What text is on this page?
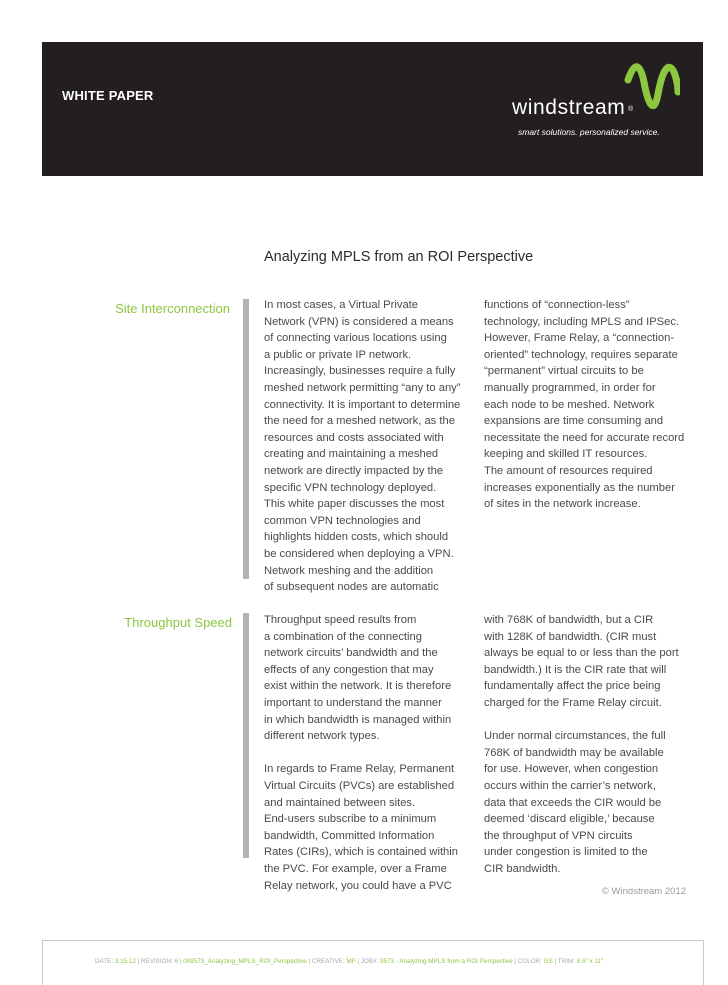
WHITE PAPER
windstream ®
smart solutions. personalized service.
Analyzing MPLS from an ROI Perspective
Site Interconnection	In most cases, a Virtual Private
Network (VPN) is considered a means
of connecting various locations using
a public or private IP network.
Increasingly, businesses require a fully
meshed network permitting “any to any”
connectivity. It is important to determine
the need for a meshed network, as the
resources and costs associated with
creating and maintaining a meshed
network are directly impacted by the
specific VPN technology deployed.
This white paper discusses the most
common VPN technologies and
highlights hidden costs, which should
be considered when deploying a VPN.
Network meshing and the addition
of subsequent nodes are automatic

functions of “connection-less”
technology, including MPLS and IPSec.
However, Frame Relay, a “connection-
oriented” technology, requires separate
“permanent” virtual circuits to be
manually programmed, in order for
each node to be meshed. Network
expansions are time consuming and
necessitate the need for accurate record
keeping and skilled IT resources.
The amount of resources required
increases exponentially as the number
of sites in the network increase.

Throughput Speed	Throughput speed results from
a combination of the connecting
network circuits’ bandwidth and the
effects of any congestion that may
exist within the network. It is therefore
important to understand the manner
in which bandwidth is managed within
different network types.

In regards to Frame Relay, Permanent
Virtual Circuits (PVCs) are established
and maintained between sites.
End-users subscribe to a minimum
bandwidth, Committed Information
Rates (CIRs), which is contained within
the PVC. For example, over a Frame
Relay network, you could have a PVC

with 768K of bandwidth, but a CIR
with 128K of bandwidth. (CIR must
always be equal to or less than the port
bandwidth.) It is the CIR rate that will
fundamentally affect the price being
charged for the Frame Relay circuit.

Under normal circumstances, the full
768K of bandwidth may be available
for use. However, when congestion
occurs within the carrier’s network,
data that exceeds the CIR would be
deemed ‘discard eligible,’ because
the throughput of VPN circuits
under congestion is limited to the
CIR bandwidth.

© Windstream 2012
DATE: 3.15.12 | REVISION: 6 | 009573_Analyzing_MPLS_ROI_Perspective | CREATIVE: MF | JOB#: 9573 - Analyzing MPLS from a ROI Perspective | COLOR: GS | TRIM: 8.5" x 11"
